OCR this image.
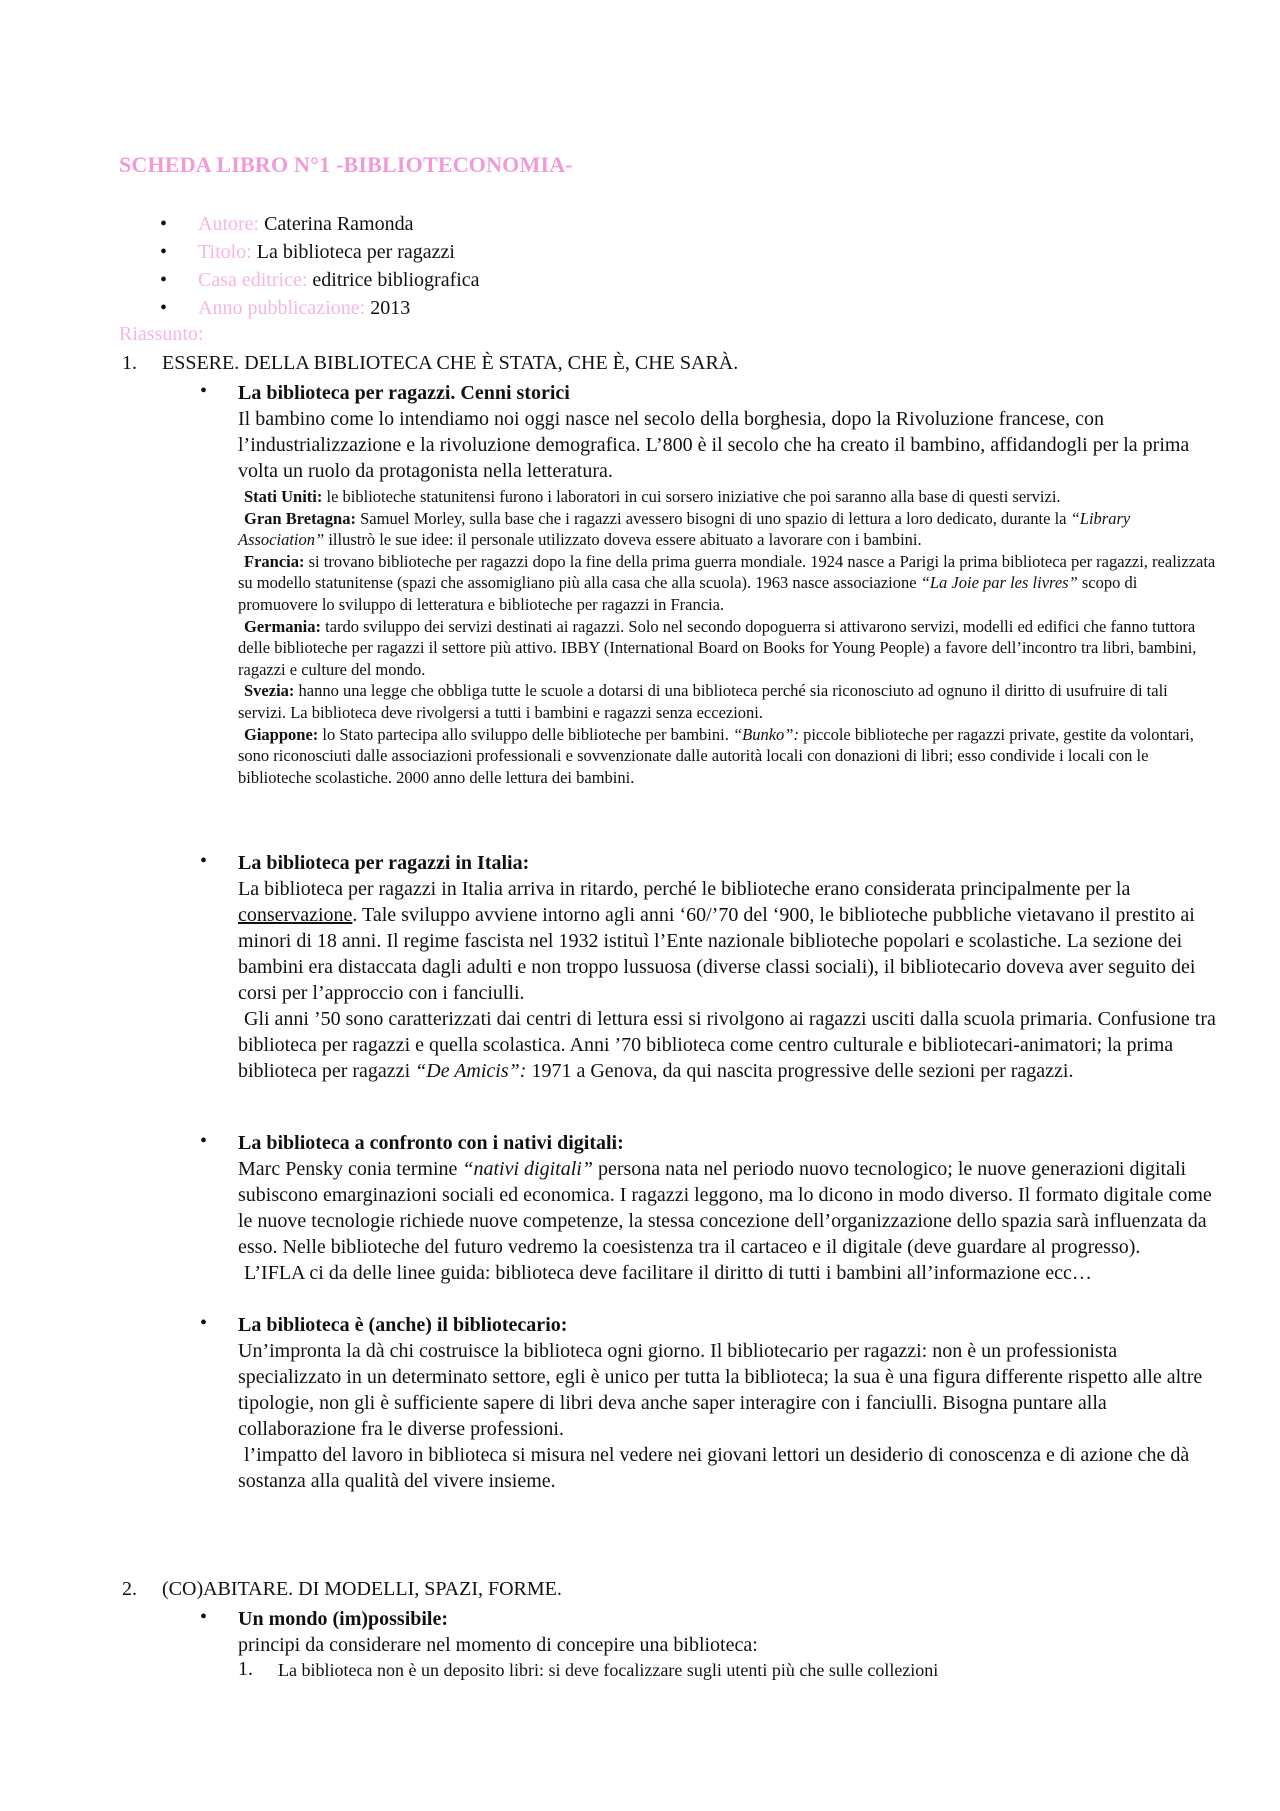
SCHEDA LIBRO N°1 -BIBLIOTECONOMIA-
• Autore: Caterina Ramonda
• Titolo: La biblioteca per ragazzi
• Casa editrice: editrice bibliografica
• Anno pubblicazione: 2013
Riassunto:
1. ESSERE. DELLA BIBLIOTECA CHE È STATA, CHE È, CHE SARÀ.
• La biblioteca per ragazzi. Cenni storici
Il bambino come lo intendiamo noi oggi nasce nel secolo della borghesia, dopo la Rivoluzione francese, con l’industrializzazione e la rivoluzione demografica. L’800 è il secolo che ha creato il bambino, affidandogli per la prima volta un ruolo da protagonista nella letteratura.
Stati Uniti: le biblioteche statunitensi furono i laboratori in cui sorsero iniziative che poi saranno alla base di questi servizi.
Gran Bretagna: Samuel Morley, sulla base che i ragazzi avessero bisogni di uno spazio di lettura a loro dedicato, durante la “Library Association” illustrò le sue idee: il personale utilizzato doveva essere abituato a lavorare con i bambini.
Francia: si trovano biblioteche per ragazzi dopo la fine della prima guerra mondiale. 1924 nasce a Parigi la prima biblioteca per ragazzi, realizzata su modello statunitense (spazi che assomigliano più alla casa che alla scuola). 1963 nasce associazione “La Joie par les livres” scopo di promuovere lo sviluppo di letteratura e biblioteche per ragazzi in Francia.
Germania: tardo sviluppo dei servizi destinati ai ragazzi. Solo nel secondo dopoguerra si attivarono servizi, modelli ed edifici che fanno tuttora delle biblioteche per ragazzi il settore più attivo. IBBY (International Board on Books for Young People) a favore dell’incontro tra libri, bambini, ragazzi e culture del mondo.
Svezia: hanno una legge che obbliga tutte le scuole a dotarsi di una biblioteca perché sia riconosciuto ad ognuno il diritto di usufruire di tali servizi. La biblioteca deve rivolgersi a tutti i bambini e ragazzi senza eccezioni.
Giappone: lo Stato partecipa allo sviluppo delle biblioteche per bambini. “Bunko”: piccole biblioteche per ragazzi private, gestite da volontari, sono riconosciuti dalle associazioni professionali e sovvenzionate dalle autorità locali con donazioni di libri; esso condivide i locali con le biblioteche scolastiche. 2000 anno delle lettura dei bambini.
• La biblioteca per ragazzi in Italia:
La biblioteca per ragazzi in Italia arriva in ritardo, perché le biblioteche erano considerata principalmente per la conservazione. Tale sviluppo avviene intorno agli anni ‘60/’70 del ‘900, le biblioteche pubbliche vietavano il prestito ai minori di 18 anni. Il regime fascista nel 1932 istituì l’Ente nazionale biblioteche popolari e scolastiche. La sezione dei bambini era distaccata dagli adulti e non troppo lussuosa (diverse classi sociali), il bibliotecario doveva aver seguito dei corsi per l’approccio con i fanciulli.
Gli anni ’50 sono caratterizzati dai centri di lettura essi si rivolgono ai ragazzi usciti dalla scuola primaria. Confusione tra biblioteca per ragazzi e quella scolastica. Anni ’70 biblioteca come centro culturale e bibliotecari-animatori; la prima biblioteca per ragazzi “De Amicis”: 1971 a Genova, da qui nascita progressive delle sezioni per ragazzi.
• La biblioteca a confronto con i nativi digitali:
Marc Pensky conia termine “nativi digitali” persona nata nel periodo nuovo tecnologico; le nuove generazioni digitali subiscono emarginazioni sociali ed economica. I ragazzi leggono, ma lo dicono in modo diverso. Il formato digitale come le nuove tecnologie richiede nuove competenze, la stessa concezione dell’organizzazione dello spazia sarà influenzata da esso. Nelle biblioteche del futuro vedremo la coesistenza tra il cartaceo e il digitale (deve guardare al progresso).
L’IFLA ci da delle linee guida: biblioteca deve facilitare il diritto di tutti i bambini all’informazione ecc…
• La biblioteca è (anche) il bibliotecario:
Un’impronta la dà chi costruisce la biblioteca ogni giorno. Il bibliotecario per ragazzi: non è un professionista specializzato in un determinato settore, egli è unico per tutta la biblioteca; la sua è una figura differente rispetto alle altre tipologie, non gli è sufficiente sapere di libri deva anche saper interagire con i fanciulli. Bisogna puntare alla collaborazione fra le diverse professioni.
l’impatto del lavoro in biblioteca si misura nel vedere nei giovani lettori un desiderio di conoscenza e di azione che dà sostanza alla qualità del vivere insieme.
2. (CO)ABITARE. DI MODELLI, SPAZI, FORME.
• Un mondo (im)possibile:
principi da considerare nel momento di concepire una biblioteca:
1. La biblioteca non è un deposito libri: si deve focalizzare sugli utenti più che sulle collezioni
